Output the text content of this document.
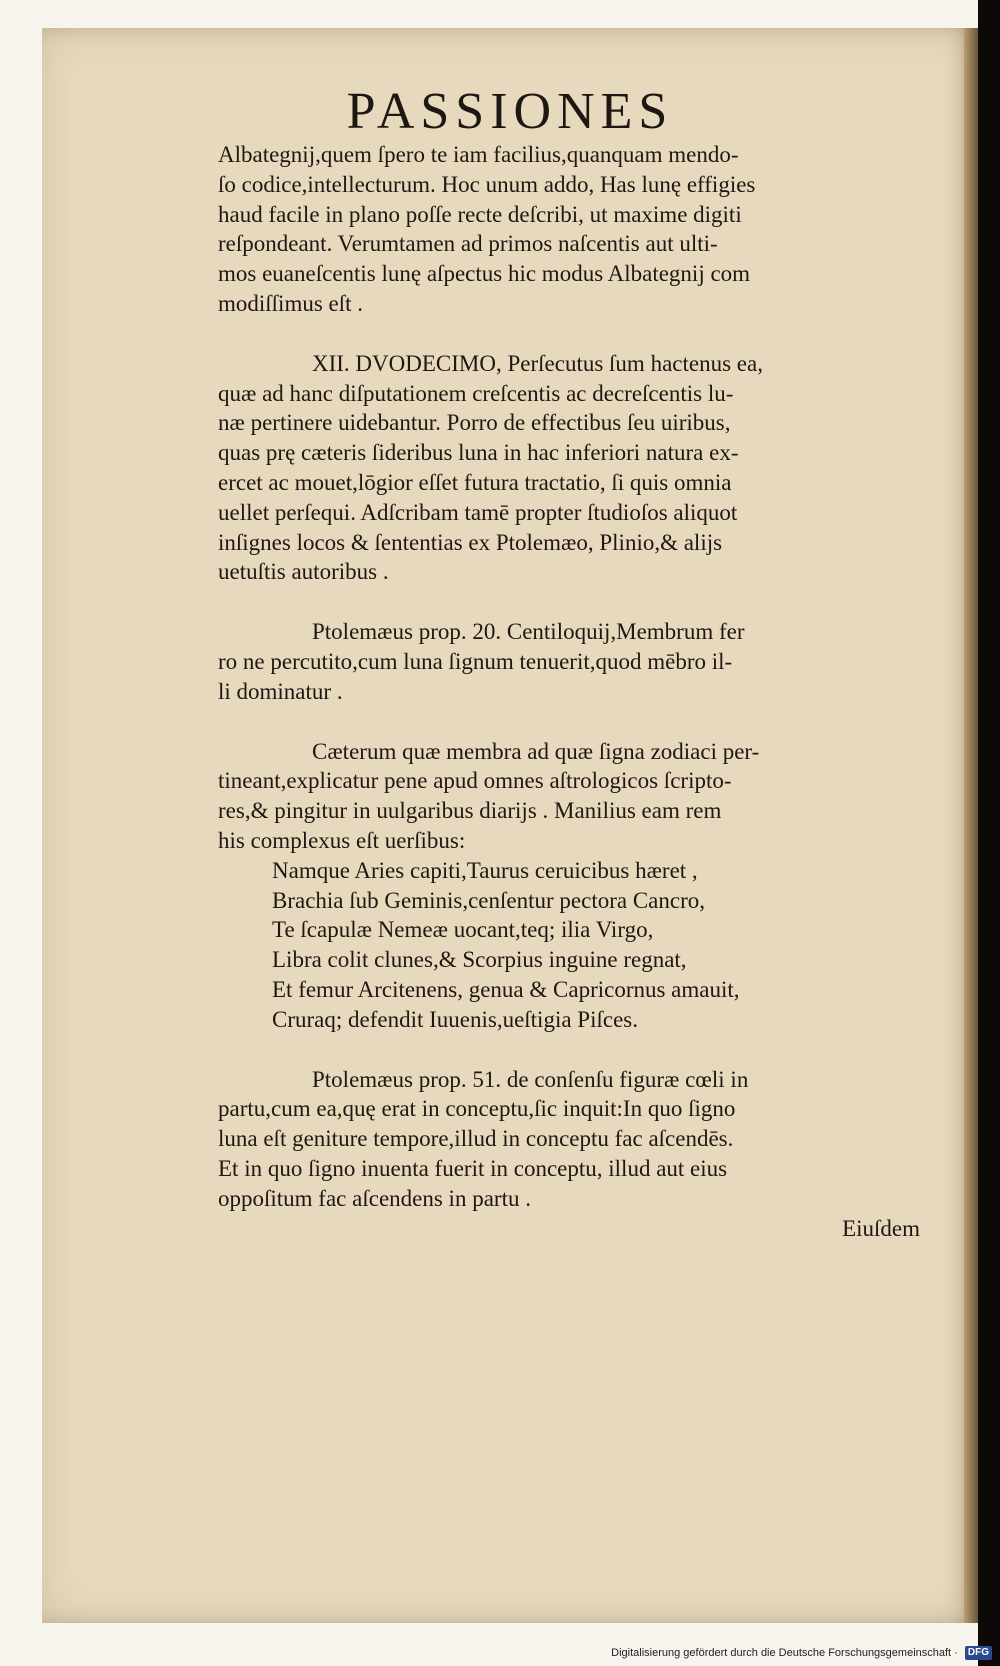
PASSIONES

Albategnij,quem ſpero te iam facilius,quanquam mendo-

ſo codice,intellecturum. Hoc unum addo, Has lunę effigies

haud facile in plano poſſe recte deſcribi, ut maxime digiti

reſpondeant. Verumtamen ad primos naſcentis aut ulti-

mos euaneſcentis lunę aſpectus hic modus Albategnij com

modiſſimus eſt .

XII. DVODECIMO, Perſecutus ſum hactenus ea,

quæ ad hanc diſputationem creſcentis ac decreſcentis lu-

næ pertinere uidebantur. Porro de effectibus ſeu uiribus,

quas prę cæteris ſideribus luna in hac inferiori natura ex-

ercet ac mouet,lōgior eſſet futura tractatio, ſi quis omnia

uellet perſequi. Adſcribam tamē propter ſtudioſos aliquot

inſignes locos & ſententias ex Ptolemæo, Plinio,& alijs

uetuſtis autoribus .

Ptolemæus prop. 20. Centiloquij,Membrum fer

ro ne percutito,cum luna ſignum tenuerit,quod mēbro il-

li dominatur .

Cæterum quæ membra ad quæ ſigna zodiaci per-

tineant,explicatur pene apud omnes aſtrologicos ſcripto-

res,& pingitur in uulgaribus diarijs . Manilius eam rem

his complexus eſt uerſibus:

Namque Aries capiti,Taurus ceruicibus hæret ,

Brachia ſub Geminis,cenſentur pectora Cancro,

Te ſcapulæ Nemeæ uocant,teq; ilia Virgo,

Libra colit clunes,& Scorpius inguine regnat,

Et femur Arcitenens, genua & Capricornus amauit,

Cruraq; defendit Iuuenis,ueſtigia Piſces.

Ptolemæus prop. 51. de conſenſu figuræ cœli in

partu,cum ea,quę erat in conceptu,ſic inquit:In quo ſigno

luna eſt geniture tempore,illud in conceptu fac aſcendēs.

Et in quo ſigno inuenta fuerit in conceptu, illud aut eius

oppoſitum fac aſcendens in partu .

Eiuſdem

Digitalisierung gefördert durch die Deutsche Forschungsgemeinschaft · DFG
